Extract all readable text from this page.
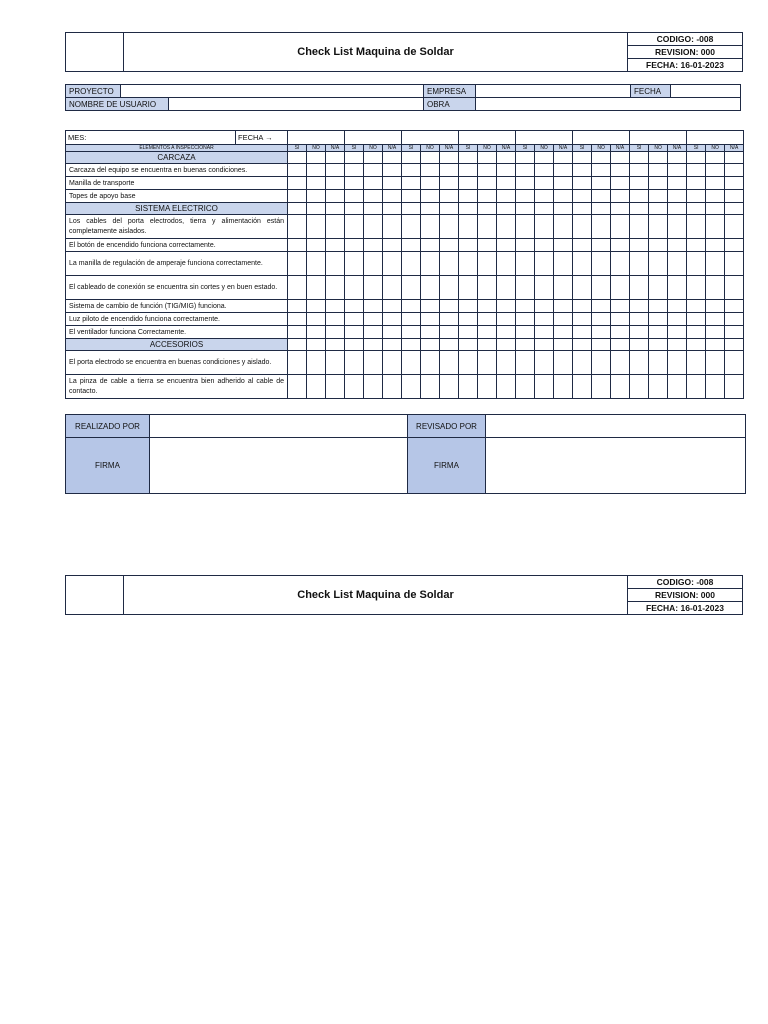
	Check List Maquina de Soldar	CODIGO: -008
REVISION: 000
FECHA: 16-01-2023
PROYECTO			EMPRESA		FECHA	
NOMBRE DE USUARIO			OBRA			
MES:	FECHA →																								
ELEMENTOS A INSPECCIONAR		SI	NO	N/A	SI	NO	N/A	SI	NO	N/A	SI	NO	N/A	SI	NO	N/A	SI	NO	N/A	SI	NO	N/A	SI	NO	N/A
CARCAZA																									
Carcaza del equipo se encuentra en buenas condiciones.																									
Manilla de transporte																									
Topes de apoyo base																									
SISTEMA ELECTRICO																									
Los cables del porta electrodos, tierra y alimentación están completamente aislados.																									
El botón de encendido funciona correctamente.																									
La manilla de regulación de amperaje funciona correctamente.																									
El cableado de conexión se encuentra sin cortes y en buen estado.																									
Sistema de cambio de función (TIG/MIG) funciona.																									
Luz piloto de encendido funciona correctamente.																									
El ventilador funciona Correctamente.																									
ACCESORIOS																									
El porta electrodo se encuentra en buenas condiciones y aislado.																									
La pinza de cable a tierra se encuentra bien adherido al cable de contacto.																									
REALIZADO POR		REVISADO POR	
FIRMA		FIRMA	
	Check List Maquina de Soldar	CODIGO: -008
REVISION: 000
FECHA: 16-01-2023
